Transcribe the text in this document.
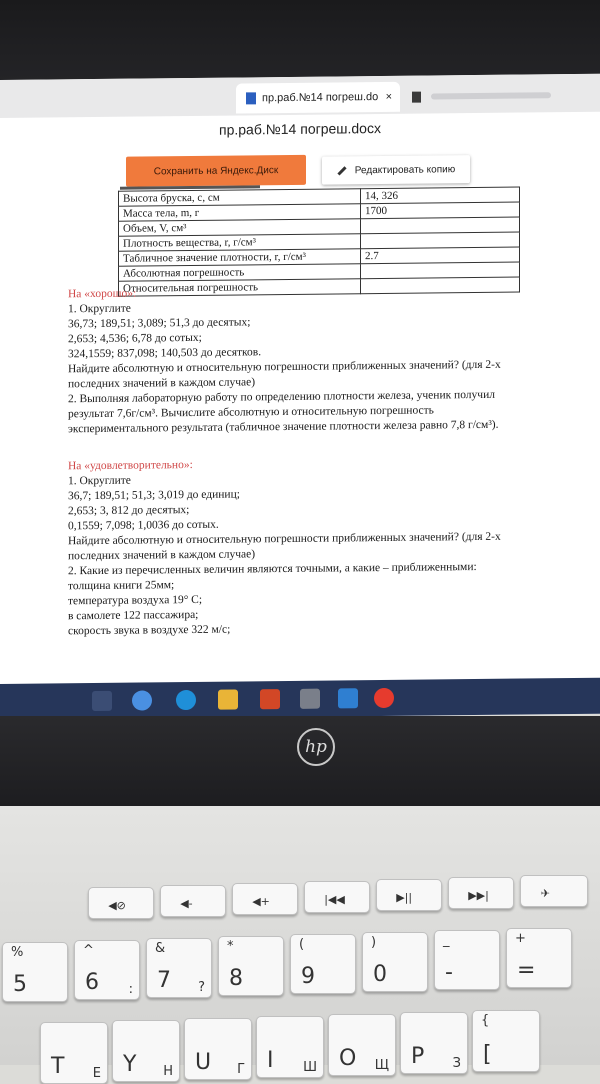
пр.раб.№14 погреш.do ×
пр.раб.№14 погреш.docx
Сохранить на Яндекс.Диск	Редактировать копию
Высота бруска, с, см	14, 326
Масса тела, m, г	1700
Объем, V, см³	
Плотность вещества, r, г/см³	
Табличное значение плотности, r, г/см³	2.7
Абсолютная погрешность	
Относительная погрешность	

На «хорошо»:

1. Округлите

36,73; 189,51; 3,089; 51,3 до десятых;

2,653; 4,536; 6,78 до сотых;

324,1559; 837,098; 140,503 до десятков.

Найдите абсолютную и относительную погрешности приближенных значений? (для 2-х

последних значений в каждом случае)

2. Выполняя лабораторную работу по определению плотности железа, ученик получил

результат 7,6г/см³. Вычислите абсолютную и относительную погрешность

экспериментального результата (табличное значение плотности железа равно 7,8 г/см³).

На «удовлетворительно»:

1. Округлите

36,7; 189,51; 51,3; 3,019 до единиц;

2,653; 3, 812 до десятых;

0,1559; 7,098; 1,0036 до сотых.

Найдите абсолютную и относительную погрешности приближенных значений? (для 2-х

последних значений в каждом случае)

2. Какие из перечисленных величин являются точными, а какие – приближенными:

толщина книги 25мм;

температура воздуха 19° С;

в самолете 122 пассажира;

скорость звука в воздухе 322 м/с;

hp
◀⊘	◀-	◀+	|◀◀	▶||	▶▶|	✈
5
%
6
^
: 7
&
? 8
*
9
(
0
)
-
_
=
+
T Е Y Н U Г I Ш O Щ P З [
{
